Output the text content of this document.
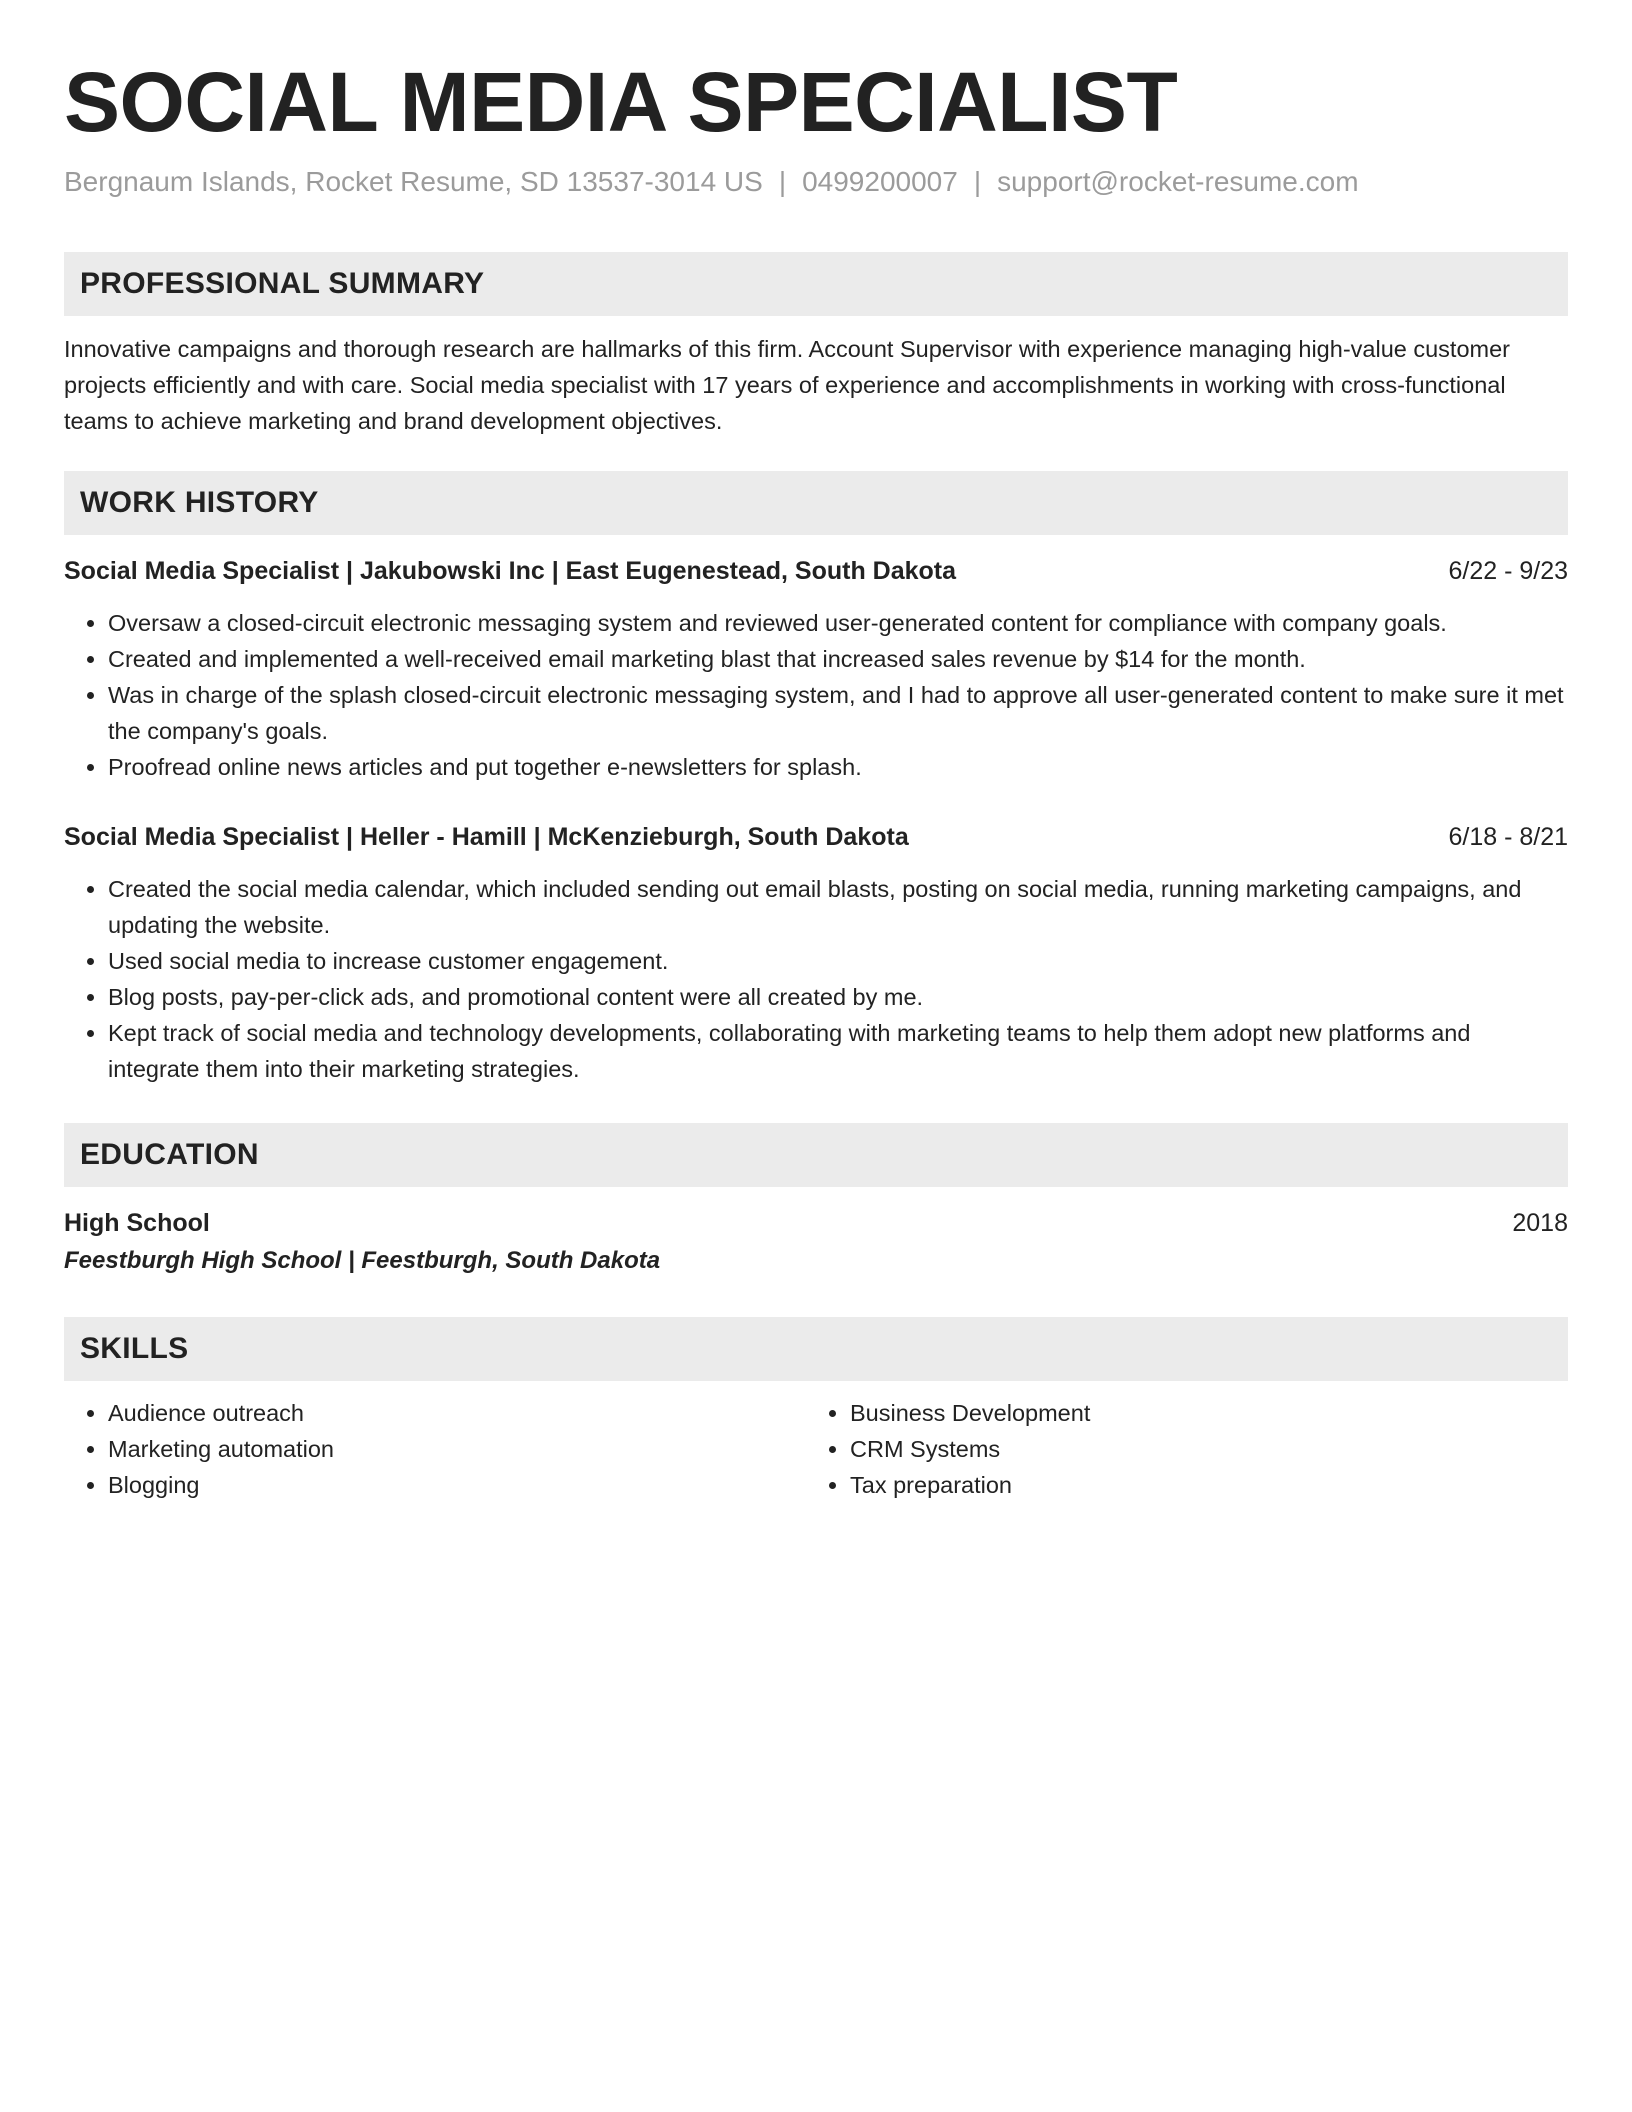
SOCIAL MEDIA SPECIALIST
Bergnaum Islands, Rocket Resume, SD 13537-3014 US | 0499200007 | support@rocket-resume.com
PROFESSIONAL SUMMARY
Innovative campaigns and thorough research are hallmarks of this firm. Account Supervisor with experience managing high-value customer projects efficiently and with care. Social media specialist with 17 years of experience and accomplishments in working with cross-functional teams to achieve marketing and brand development objectives.
WORK HISTORY
Social Media Specialist | Jakubowski Inc | East Eugenestead, South Dakota	6/22 - 9/23
• Oversaw a closed-circuit electronic messaging system and reviewed user-generated content for compliance with company goals.
• Created and implemented a well-received email marketing blast that increased sales revenue by $14 for the month.
• Was in charge of the splash closed-circuit electronic messaging system, and I had to approve all user-generated content to make sure it met the company's goals.
• Proofread online news articles and put together e-newsletters for splash.
Social Media Specialist | Heller - Hamill | McKenzieburgh, South Dakota	6/18 - 8/21
• Created the social media calendar, which included sending out email blasts, posting on social media, running marketing campaigns, and updating the website.
• Used social media to increase customer engagement.
• Blog posts, pay-per-click ads, and promotional content were all created by me.
• Kept track of social media and technology developments, collaborating with marketing teams to help them adopt new platforms and integrate them into their marketing strategies.
EDUCATION
High School	2018
Feestburgh High School | Feestburgh, South Dakota
SKILLS
• Audience outreach
• Marketing automation
• Blogging
• Business Development
• CRM Systems
• Tax preparation
